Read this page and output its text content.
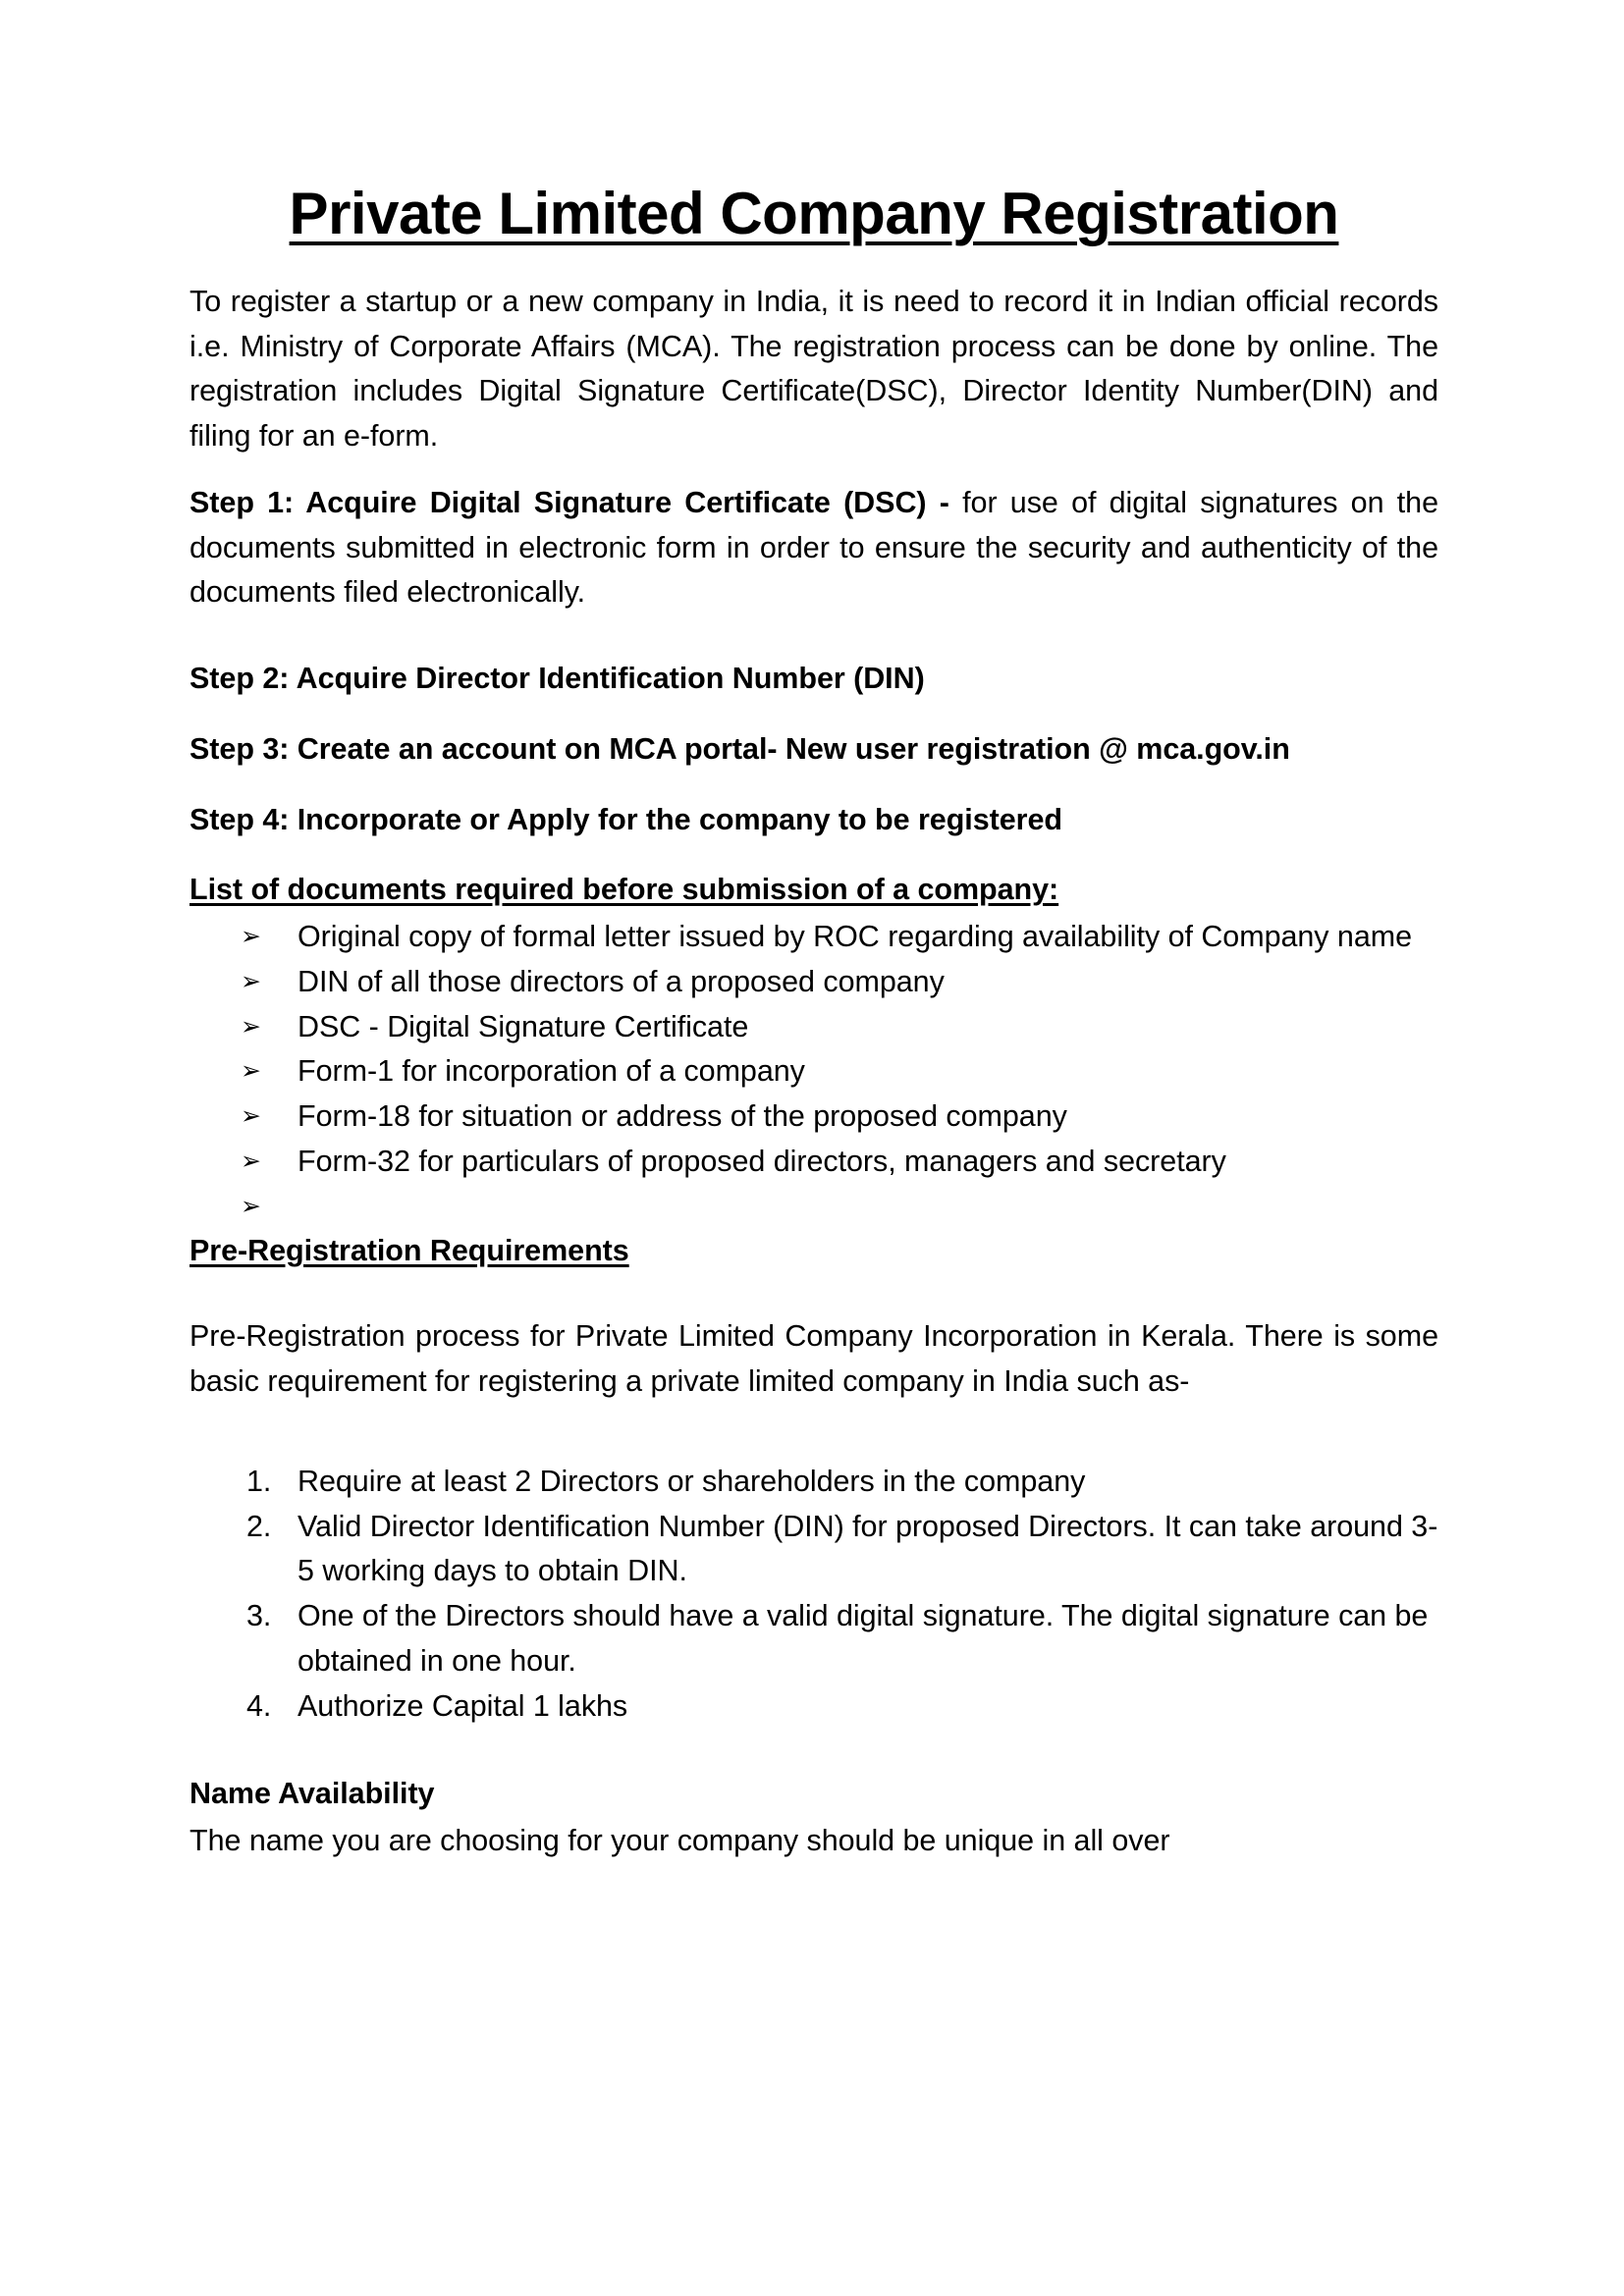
Private Limited Company Registration

To register a startup or a new company in India, it is need to record it in Indian official records i.e. Ministry of Corporate Affairs (MCA). The registration process can be done by online. The registration includes Digital Signature Certificate(DSC), Director Identity Number(DIN) and filing for an e-form.

Step 1: Acquire Digital Signature Certificate (DSC) - for use of digital signatures on the documents submitted in electronic form in order to ensure the security and authenticity of the documents filed electronically.

Step 2: Acquire Director Identification Number (DIN)

Step 3: Create an account on MCA portal- New user registration @ mca.gov.in

Step 4: Incorporate or Apply for the company to be registered

List of documents required before submission of a company:

➢ Original copy of formal letter issued by ROC regarding availability of Company name
➢ DIN of all those directors of a proposed company
➢ DSC - Digital Signature Certificate
➢ Form-1 for incorporation of a company
➢ Form-18 for situation or address of the proposed company
➢ Form-32 for particulars of proposed directors, managers and secretary
➢

Pre-Registration Requirements

Pre-Registration process for Private Limited Company Incorporation in Kerala. There is some basic requirement for registering a private limited company in India such as-

1. Require at least 2 Directors or shareholders in the company
2. Valid Director Identification Number (DIN) for proposed Directors. It can take around 3-5 working days to obtain DIN.
3. One of the Directors should have a valid digital signature. The digital signature can be obtained in one hour.
4. Authorize Capital 1 lakhs

Name Availability

The name you are choosing for your company should be unique in all over
